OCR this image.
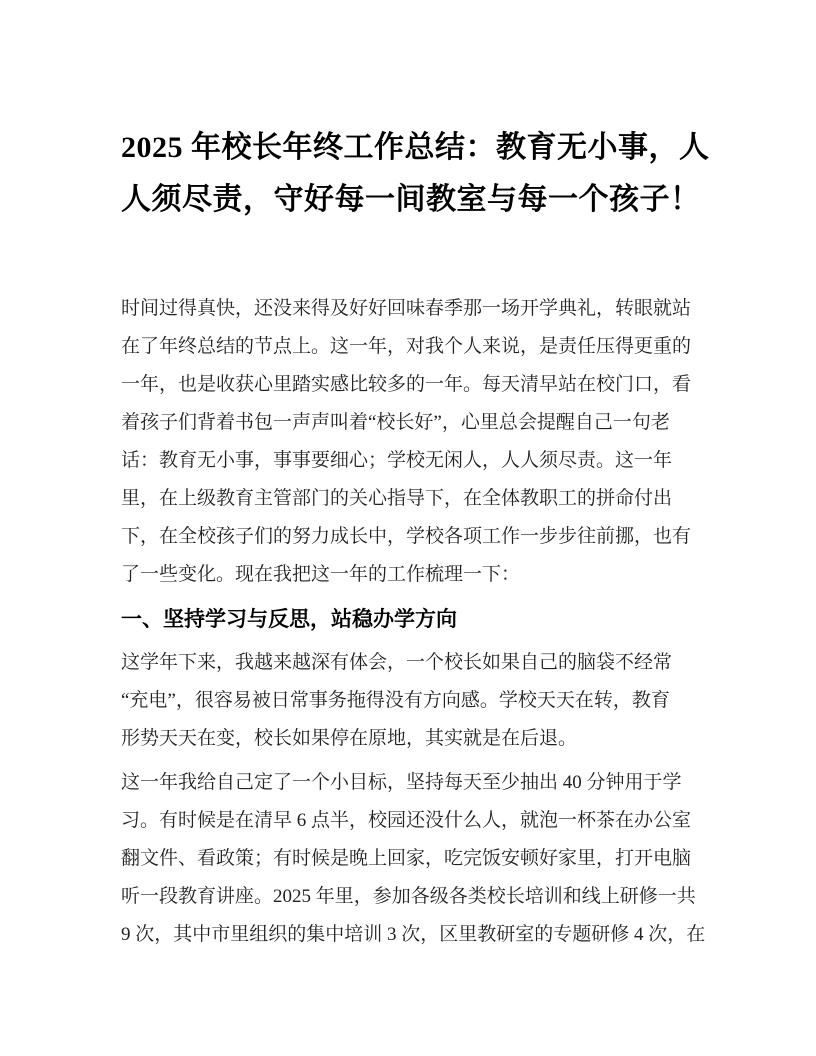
2025 年校长年终工作总结：教育无小事，人
人须尽责，守好每一间教室与每一个孩子！

时间过得真快，还没来得及好好回味春季那一场开学典礼，转眼就站
在了年终总结的节点上。这一年，对我个人来说，是责任压得更重的
一年，也是收获心里踏实感比较多的一年。每天清早站在校门口，看
着孩子们背着书包一声声叫着“校长好”，心里总会提醒自己一句老
话：教育无小事，事事要细心；学校无闲人，人人须尽责。这一年
里，在上级教育主管部门的关心指导下，在全体教职工的拼命付出
下，在全校孩子们的努力成长中，学校各项工作一步步往前挪，也有
了一些变化。现在我把这一年的工作梳理一下：

一、坚持学习与反思，站稳办学方向

这学年下来，我越来越深有体会，一个校长如果自己的脑袋不经常
“充电”，很容易被日常事务拖得没有方向感。学校天天在转，教育
形势天天在变，校长如果停在原地，其实就是在后退。

这一年我给自己定了一个小目标，坚持每天至少抽出 40 分钟用于学
习。有时候是在清早 6 点半，校园还没什么人，就泡一杯茶在办公室
翻文件、看政策；有时候是晚上回家，吃完饭安顿好家里，打开电脑
听一段教育讲座。2025 年里，参加各级各类校长培训和线上研修一共
9 次，其中市里组织的集中培训 3 次，区里教研室的专题研修 4 次，在
